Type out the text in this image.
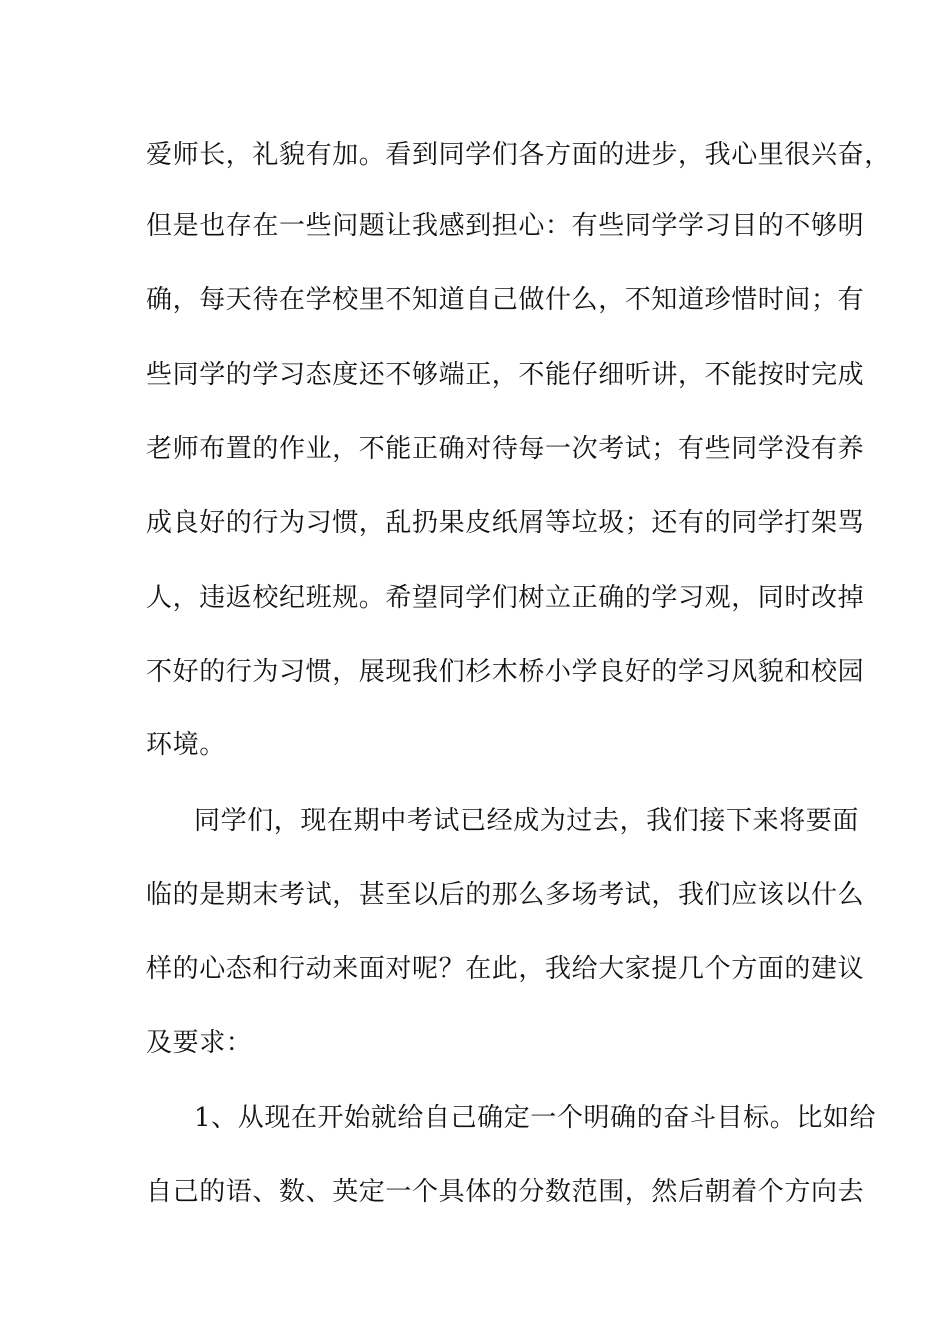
爱师长，礼貌有加。看到同学们各方面的进步，我心里很兴奋，
但是也存在一些问题让我感到担心：有些同学学习目的不够明
确，每天待在学校里不知道自己做什么，不知道珍惜时间；有
些同学的学习态度还不够端正，不能仔细听讲，不能按时完成
老师布置的作业，不能正确对待每一次考试；有些同学没有养
成良好的行为习惯，乱扔果皮纸屑等垃圾；还有的同学打架骂
人，违返校纪班规。希望同学们树立正确的学习观，同时改掉
不好的行为习惯，展现我们杉木桥小学良好的学习风貌和校园
环境。
同学们，现在期中考试已经成为过去，我们接下来将要面
临的是期末考试，甚至以后的那么多场考试，我们应该以什么
样的心态和行动来面对呢？在此，我给大家提几个方面的建议
及要求：
1、从现在开始就给自己确定一个明确的奋斗目标。比如给
自己的语、数、英定一个具体的分数范围，然后朝着个方向去
